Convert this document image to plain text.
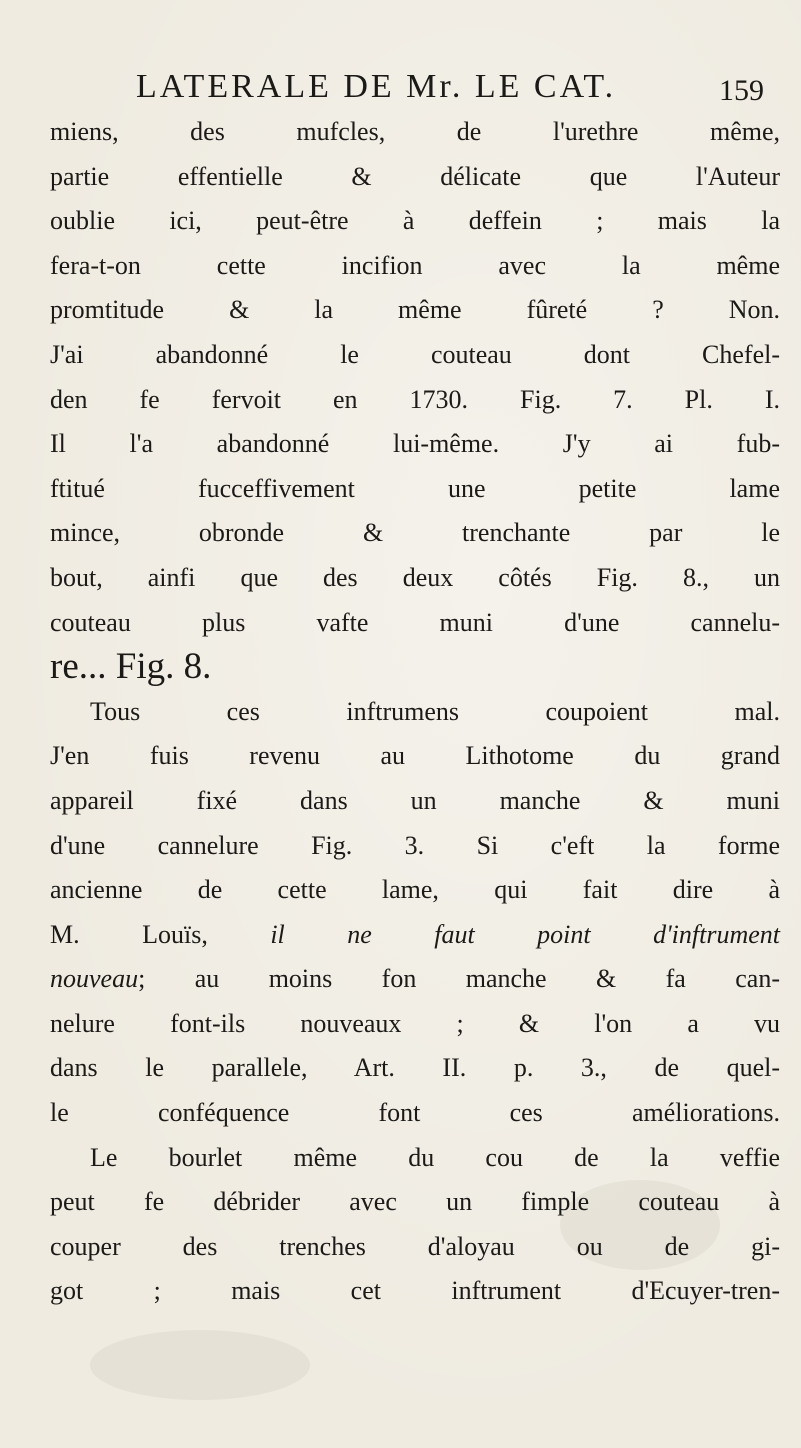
LATERALE DE Mr. LE CAT.	159
miens, des mufcles, de l'urethre même,
partie effentielle & délicate que l'Auteur
oublie ici, peut-être à deffein ; mais la
fera-t-on cette incifion avec la même
promtitude & la même fûreté ? Non.
J'ai abandonné le couteau dont Chefel-
den fe fervoit en 1730. Fig. 7. Pl. I.
Il l'a abandonné lui-même. J'y ai fub-
ftitué fucceffivement une petite lame
mince, obronde & trenchante par le
bout, ainfi que des deux côtés Fig. 8., un
couteau plus vafte muni d'une cannelu-
re... Fig. 8.
Tous ces inftrumens coupoient mal.
J'en fuis revenu au Lithotome du grand
appareil fixé dans un manche & muni
d'une cannelure Fig. 3. Si c'eft la forme
ancienne de cette lame, qui fait dire à
M. Louïs, il ne faut point d'inftrument
nouveau; au moins fon manche & fa can-
nelure font-ils nouveaux ; & l'on a vu
dans le parallele, Art. II. p. 3., de quel-
le conféquence font ces améliorations.
Le bourlet même du cou de la veffie
peut fe débrider avec un fimple couteau à
couper des trenches d'aloyau ou de gi-
got ; mais cet inftrument d'Ecuyer-tren-
